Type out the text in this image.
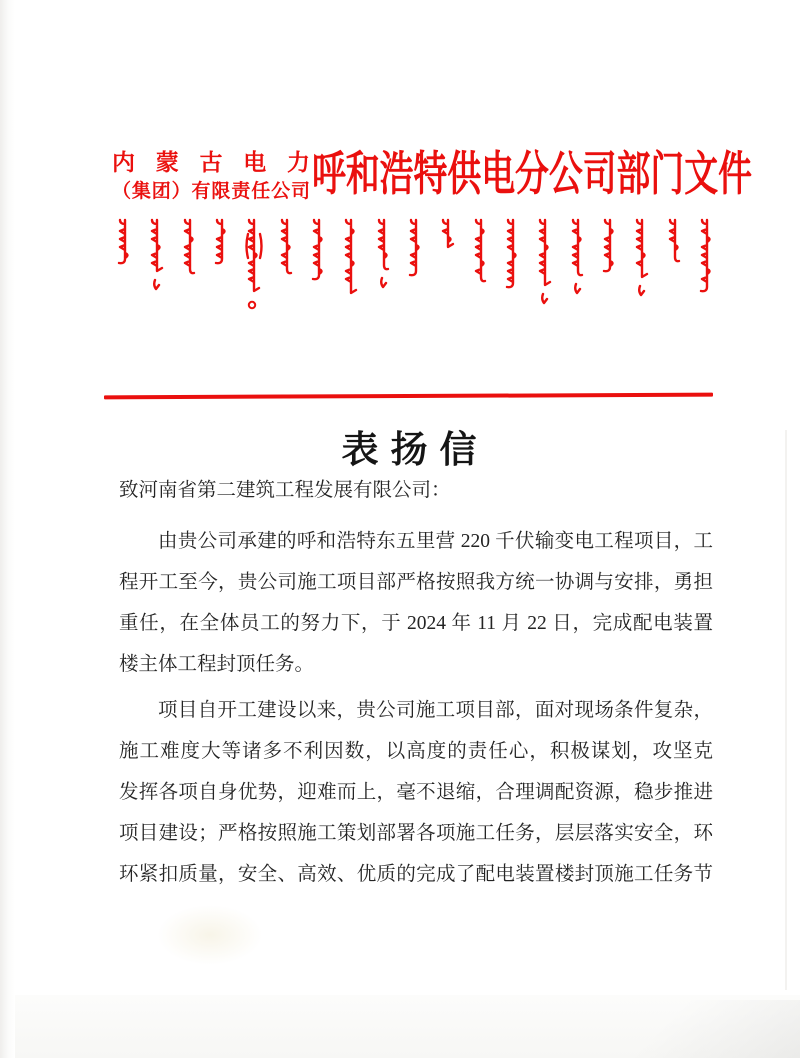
内蒙古电力
（集团）有限责任公司 呼和浩特供电分公司部门文件
表扬信
致河南省第二建筑工程发展有限公司：
由贵公司承建的呼和浩特东五里营 220 千伏输变电工程项目，工
程开工至今，贵公司施工项目部严格按照我方统一协调与安排，勇担
重任，在全体员工的努力下，于 2024 年 11 月 22 日，完成配电装置
楼主体工程封顶任务。
项目自开工建设以来，贵公司施工项目部，面对现场条件复杂，
施工难度大等诸多不利因数，以高度的责任心，积极谋划，攻坚克
发挥各项自身优势，迎难而上，毫不退缩，合理调配资源，稳步推进
项目建设；严格按照施工策划部署各项施工任务，层层落实安全，环
环紧扣质量，安全、高效、优质的完成了配电装置楼封顶施工任务节
